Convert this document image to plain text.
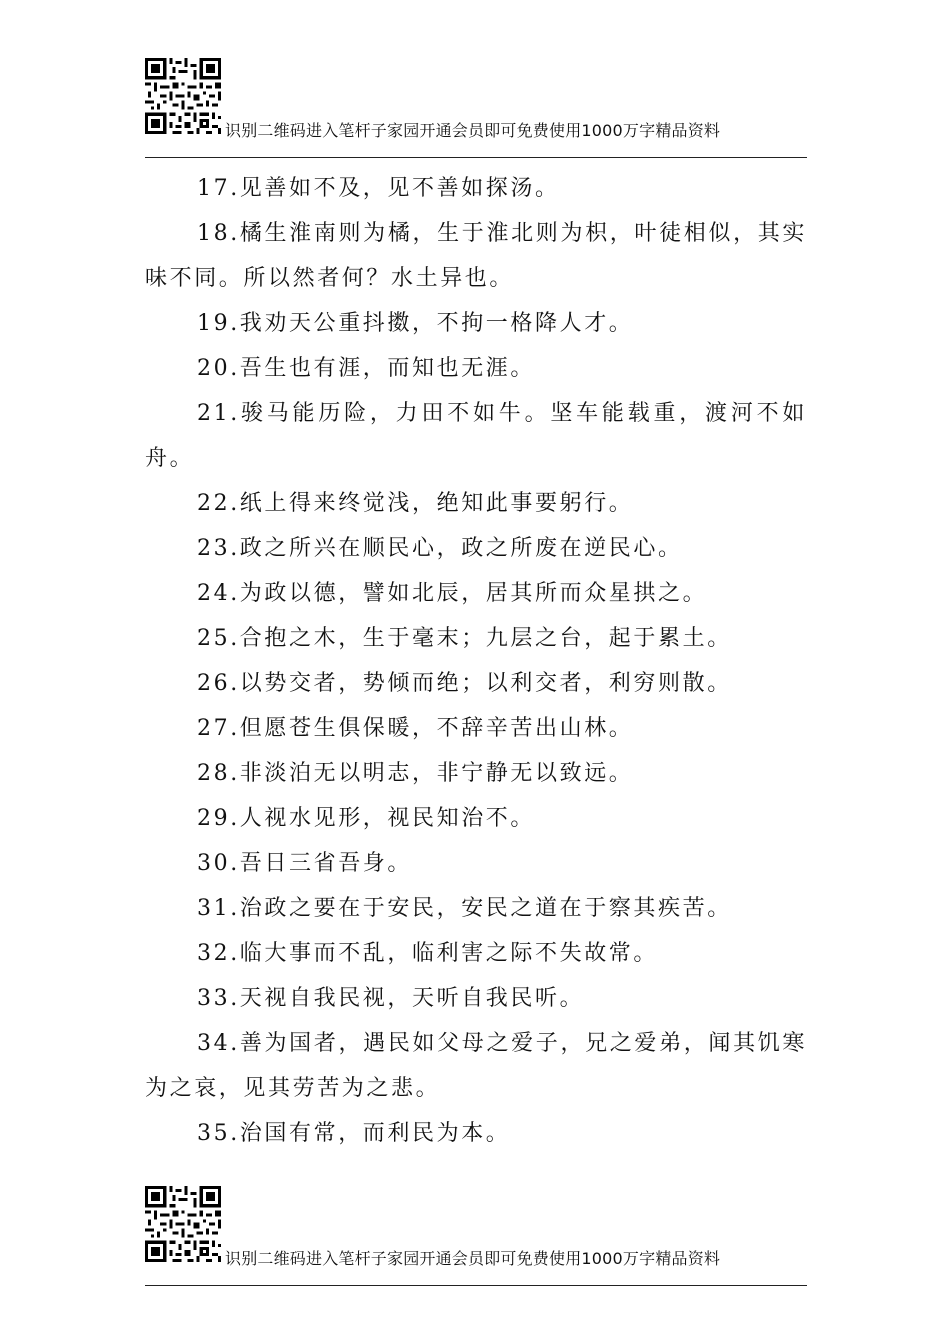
识别二维码进入笔杆子家园开通会员即可免费使用1000万字精品资料

17.见善如不及，见不善如探汤。

18.橘生淮南则为橘，生于淮北则为枳，叶徒相似，其实味不同。所以然者何？水土异也。

19.我劝天公重抖擞，不拘一格降人才。

20.吾生也有涯，而知也无涯。

21.骏马能历险，力田不如牛。坚车能载重，渡河不如舟。

22.纸上得来终觉浅，绝知此事要躬行。

23.政之所兴在顺民心，政之所废在逆民心。

24.为政以德，譬如北辰，居其所而众星拱之。

25.合抱之木，生于毫末；九层之台，起于累土。

26.以势交者，势倾而绝；以利交者，利穷则散。

27.但愿苍生俱保暖，不辞辛苦出山林。

28.非淡泊无以明志，非宁静无以致远。

29.人视水见形，视民知治不。

30.吾日三省吾身。

31.治政之要在于安民，安民之道在于察其疾苦。

32.临大事而不乱，临利害之际不失故常。

33.天视自我民视，天听自我民听。

34.善为国者，遇民如父母之爱子，兄之爱弟，闻其饥寒为之哀，见其劳苦为之悲。

35.治国有常，而利民为本。

识别二维码进入笔杆子家园开通会员即可免费使用1000万字精品资料
